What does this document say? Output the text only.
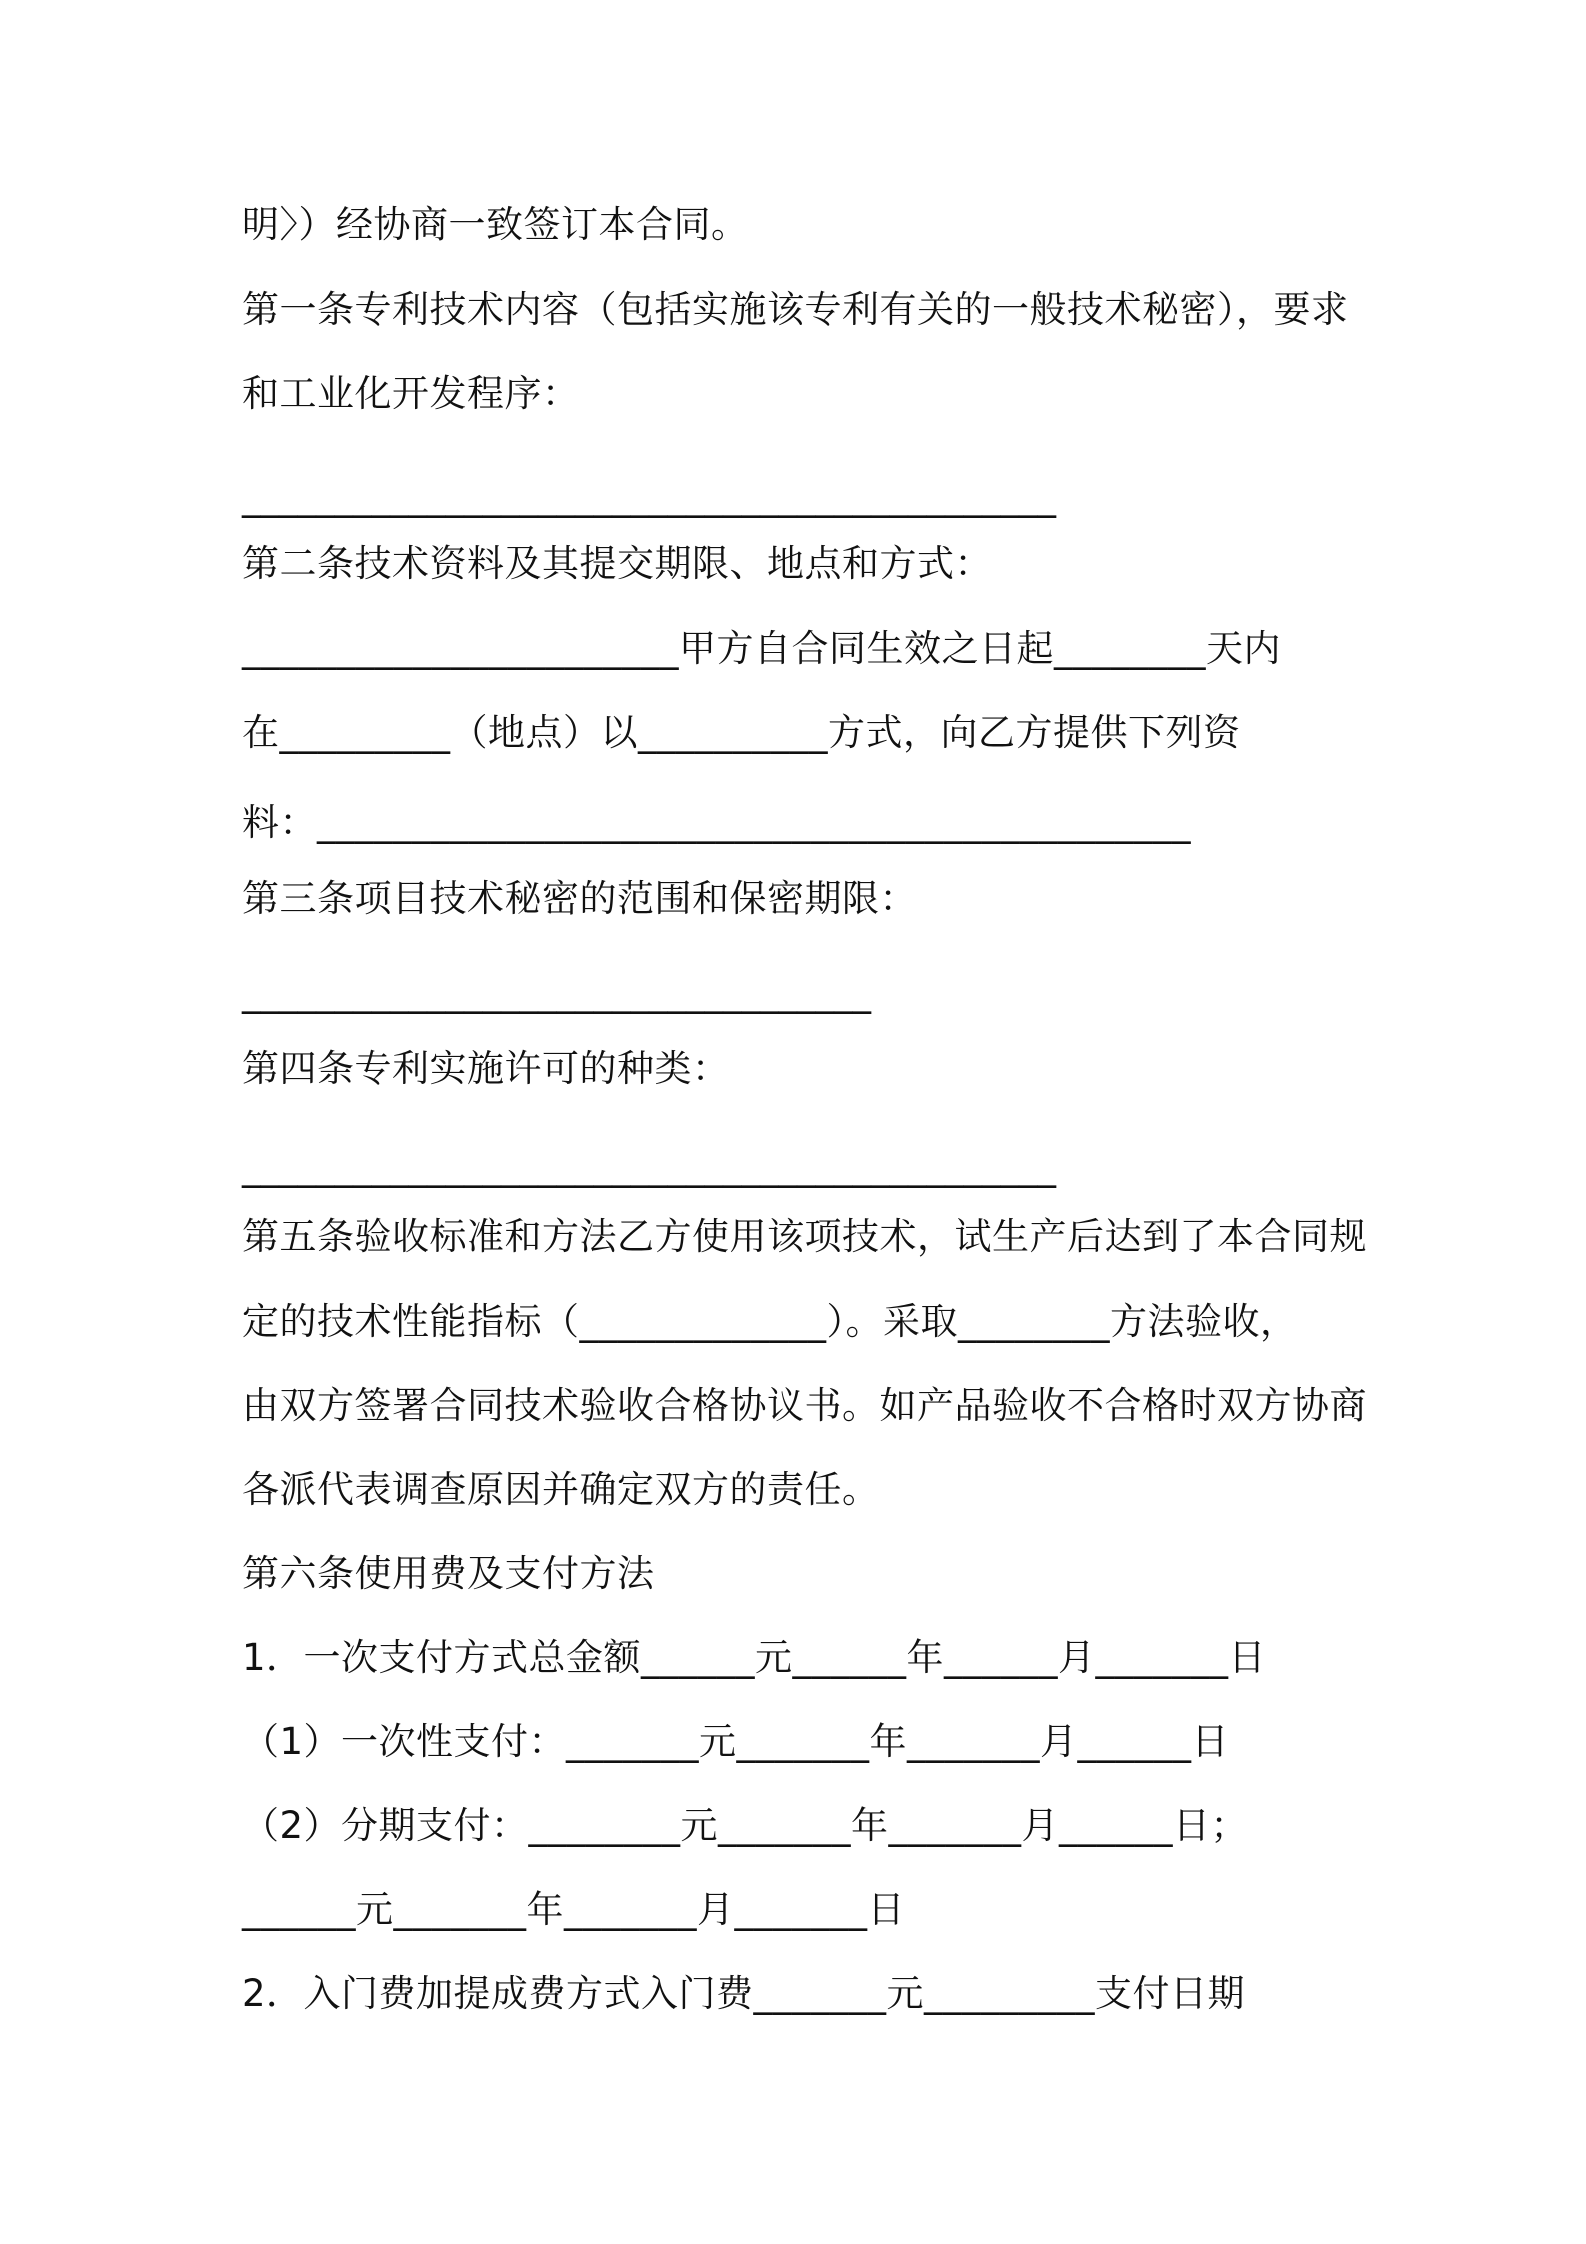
明〉）经协商一致签订本合同。
第一条专利技术内容（包括实施该专利有关的一般技术秘密），要求
和工业化开发程序：
____________________________________________
第二条技术资料及其提交期限、地点和方式：
_______________________甲方自合同生效之日起________天内
在_________（地点）以__________方式，向乙方提供下列资
料：______________________________________________
第三条项目技术秘密的范围和保密期限：
__________________________________
第四条专利实施许可的种类：
____________________________________________
第五条验收标准和方法乙方使用该项技术，试生产后达到了本合同规
定的技术性能指标（_____________）。采取________方法验收，
由双方签署合同技术验收合格协议书。如产品验收不合格时双方协商
各派代表调查原因并确定双方的责任。
第六条使用费及支付方法
1．一次支付方式总金额______元______年______月_______日
（1）一次性支付：_______元_______年_______月______日
（2）分期支付：________元_______年_______月______日；
______元_______年_______月_______日
2．入门费加提成费方式入门费_______元_________支付日期
